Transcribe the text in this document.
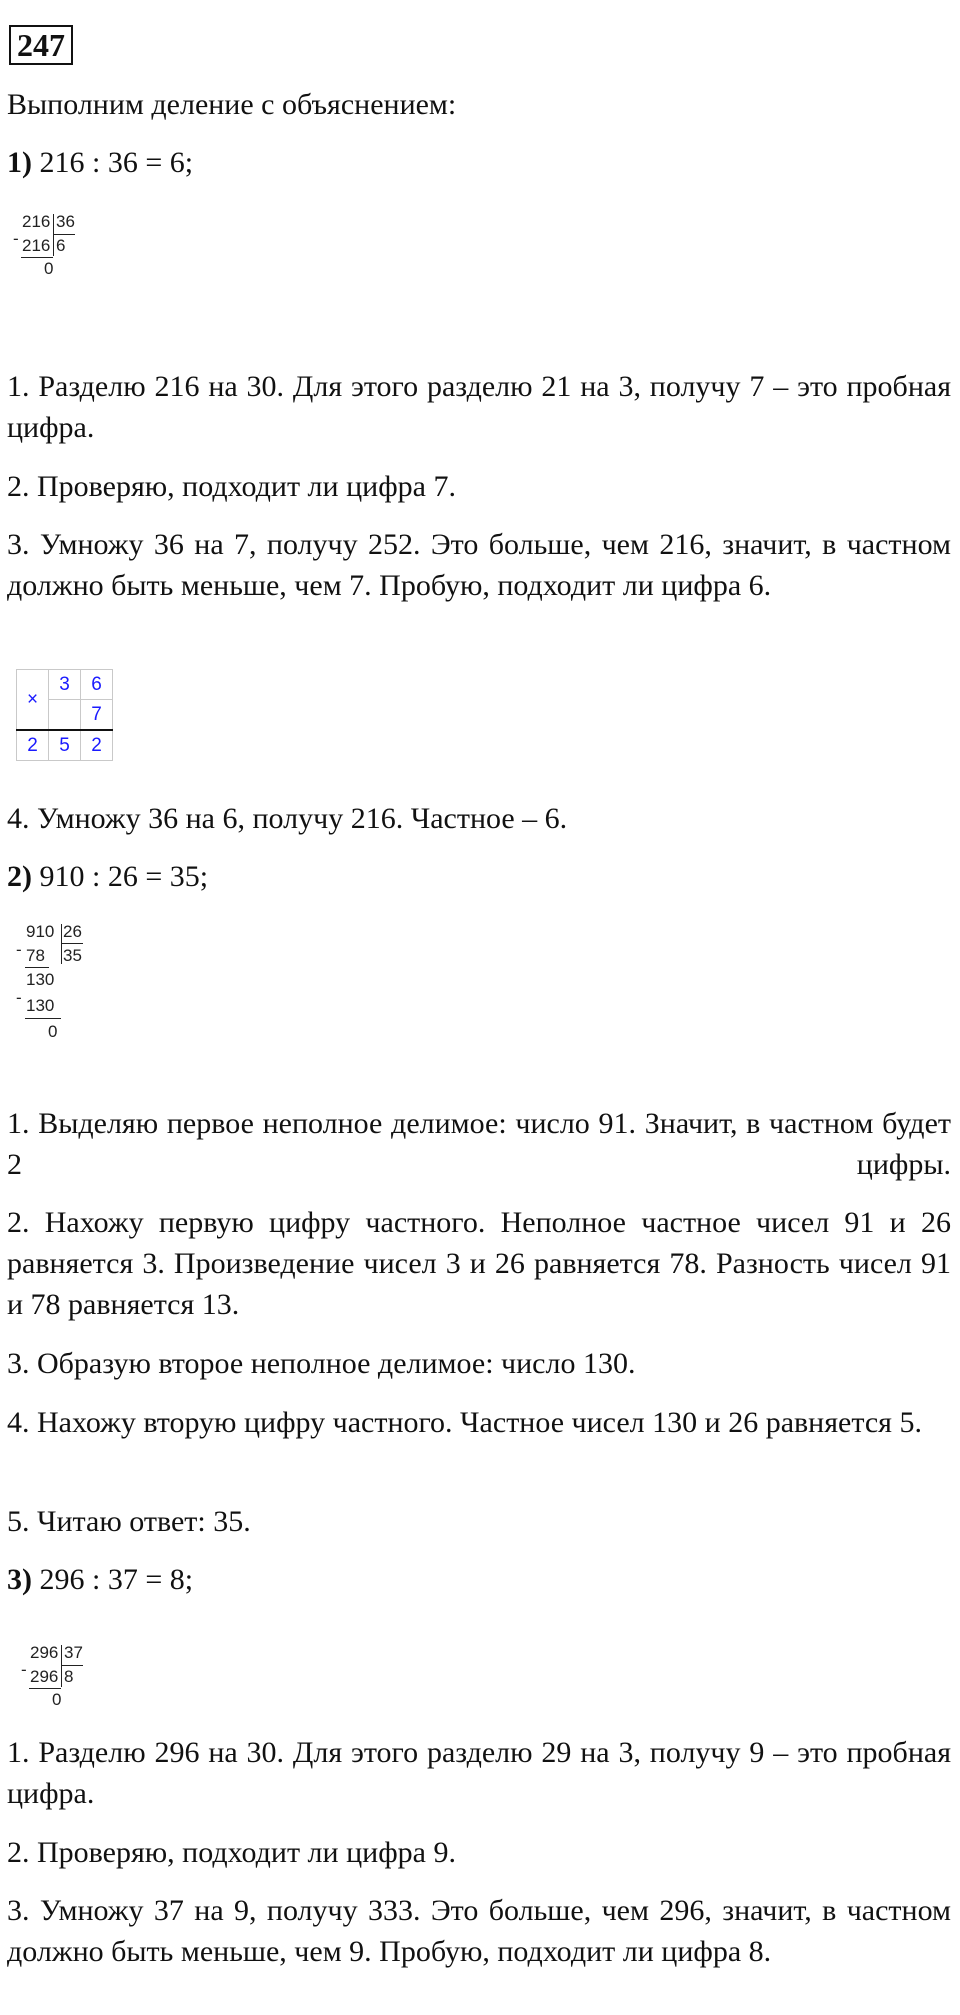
247

Выполним деление с объяснением:

1) 216 : 36 = 6;

216 36
- 216 6
0

1. Разделю 216 на 30. Для этого разделю 21 на 3, получу 7 – это пробная цифра.

2. Проверяю, подходит ли цифра 7.

3. Умножу 36 на 7, получу 252. Это больше, чем 216, значит, в частном должно быть меньше, чем 7. Пробую, подходит ли цифра 6.

×	3	6
		7
2	5	2

4. Умножу 36 на 6, получу 216. Частное – 6.

2) 910 : 26 = 35;

910 26
- 78 35
130
- 130
0

1. Выделяю первое неполное делимое: число 91. Значит, в частном будет 2 цифры.

2. Нахожу первую цифру частного. Неполное частное чисел 91 и 26 равняется 3. Произведение чисел 3 и 26 равняется 78. Разность чисел 91 и 78 равняется 13.

3. Образую второе неполное делимое: число 130.

4. Нахожу вторую цифру частного. Частное чисел 130 и 26 равняется 5.

5. Читаю ответ: 35.

3) 296 : 37 = 8;

296 37
- 296 8
0

1. Разделю 296 на 30. Для этого разделю 29 на 3, получу 9 – это пробная цифра.

2. Проверяю, подходит ли цифра 9.

3. Умножу 37 на 9, получу 333. Это больше, чем 296, значит, в частном должно быть меньше, чем 9. Пробую, подходит ли цифра 8.
